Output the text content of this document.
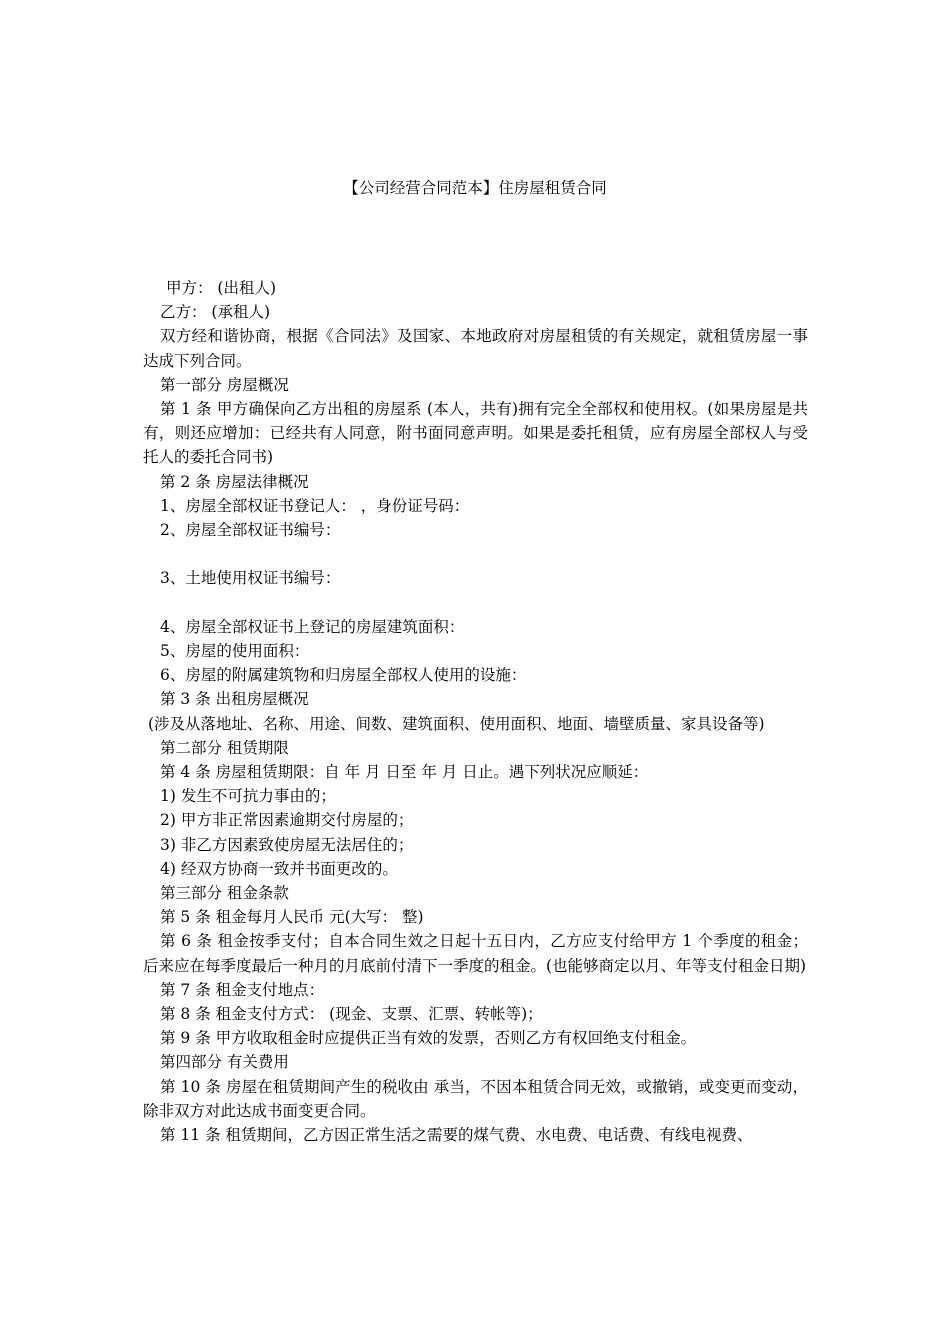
【公司经营合同范本】住房屋租赁合同

甲方： (出租人)

乙方： (承租人)

双方经和谐协商，根据《合同法》及国家、本地政府对房屋租赁的有关规定，就租赁房屋一事达成下列合同。

第一部分 房屋概况

第 1 条 甲方确保向乙方出租的房屋系 (本人，共有)拥有完全全部权和使用权。(如果房屋是共有，则还应增加：已经共有人同意，附书面同意声明。如果是委托租赁，应有房屋全部权人与受托人的委托合同书)

第 2 条 房屋法律概况

1、房屋全部权证书登记人： ，身份证号码：

2、房屋全部权证书编号：

3、土地使用权证书编号：

4、房屋全部权证书上登记的房屋建筑面积：

5、房屋的使用面积：

6、房屋的附属建筑物和归房屋全部权人使用的设施：

第 3 条 出租房屋概况

(涉及从落地址、名称、用途、间数、建筑面积、使用面积、地面、墙壁质量、家具设备等)

第二部分 租赁期限

第 4 条 房屋租赁期限：自 年 月 日至 年 月 日止。遇下列状况应顺延：

1) 发生不可抗力事由的；

2) 甲方非正常因素逾期交付房屋的；

3) 非乙方因素致使房屋无法居住的；

4) 经双方协商一致并书面更改的。

第三部分 租金条款

第 5 条 租金每月人民币 元(大写： 整)

第 6 条 租金按季支付；自本合同生效之日起十五日内，乙方应支付给甲方 1 个季度的租金；后来应在每季度最后一种月的月底前付清下一季度的租金。(也能够商定以月、年等支付租金日期)

第 7 条 租金支付地点：

第 8 条 租金支付方式： (现金、支票、汇票、转帐等)；

第 9 条 甲方收取租金时应提供正当有效的发票，否则乙方有权回绝支付租金。

第四部分 有关费用

第 10 条 房屋在租赁期间产生的税收由 承当，不因本租赁合同无效，或撤销，或变更而变动，除非双方对此达成书面变更合同。

第 11 条 租赁期间，乙方因正常生活之需要的煤气费、水电费、电话费、有线电视费、
